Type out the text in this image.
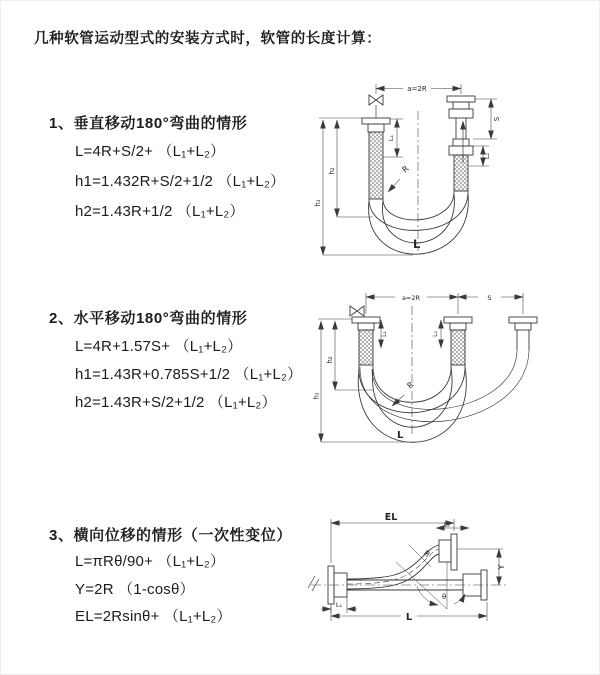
几种软管运动型式的安装方式时，软管的长度计算：
1、垂直移动180°弯曲的情形
L=4R+S/2+ （L₁+L₂）
h1=1.432R+S/2+1/2 （L₁+L₂）
h2=1.43R+1/2 （L₁+L₂）
2、水平移动180°弯曲的情形
L=4R+1.57S+ （L₁+L₂）
h1=1.43R+0.785S+1/2 （L₁+L₂）
h2=1.43R+S/2+1/2 （L₁+L₂）
3、横向位移的情形（一次性变位）
L=πRθ/90+ （L₁+L₂）
Y=2R （1-cosθ）
EL=2Rsinθ+ （L₁+L₂）
a=2R
R
L
h₁
h₂
L₁
S
L₂
a=2R	S
R
h₁
h₂
L₁	L₂
L
EL
L₂
Y
L₁
L
θ
R
